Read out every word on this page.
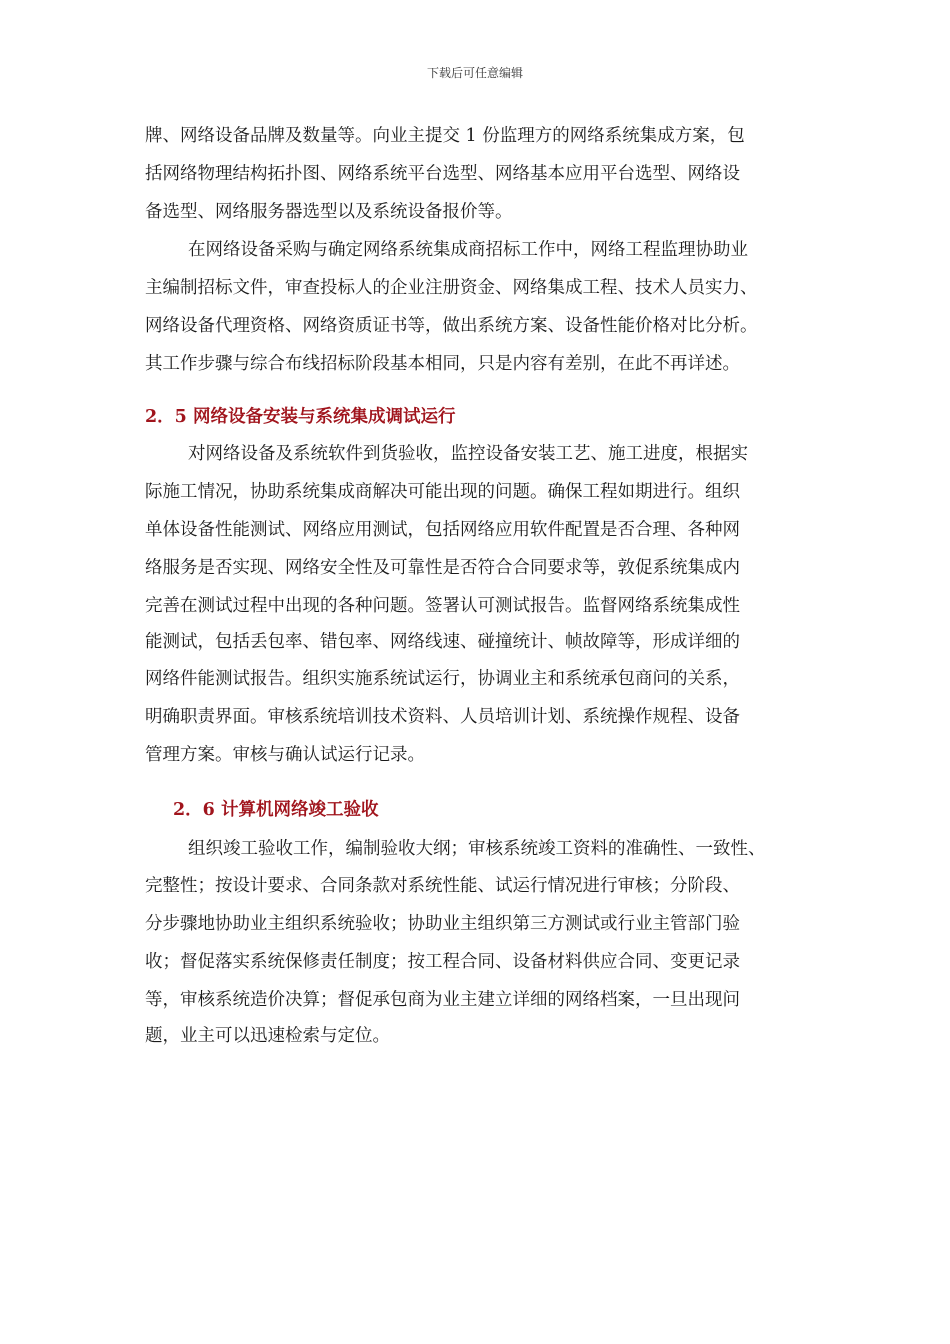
下载后可任意编辑
牌、网络设备品牌及数量等。向业主提交 1 份监理方的网络系统集成方案，包
括网络物理结构拓扑图、网络系统平台选型、网络基本应用平台选型、网络设
备选型、网络服务器选型以及系统设备报价等。
在网络设备采购与确定网络系统集成商招标工作中，网络工程监理协助业
主编制招标文件，审查投标人的企业注册资金、网络集成工程、技术人员实力、
网络设备代理资格、网络资质证书等，做出系统方案、设备性能价格对比分析。
其工作步骤与综合布线招标阶段基本相同，只是内容有差别，在此不再详述。
2．5 网络设备安装与系统集成调试运行
对网络设备及系统软件到货验收，监控设备安装工艺、施工进度，根据实
际施工情况，协助系统集成商解决可能出现的问题。确保工程如期进行。组织
单体设备性能测试、网络应用测试，包括网络应用软件配置是否合理、各种网
络服务是否实现、网络安全性及可靠性是否符合合同要求等，敦促系统集成内
完善在测试过程中出现的各种问题。签署认可测试报告。监督网络系统集成性
能测试，包括丢包率、错包率、网络线速、碰撞统计、帧故障等，形成详细的
网络件能测试报告。组织实施系统试运行，协调业主和系统承包商问的关系，
明确职责界面。审核系统培训技术资料、人员培训计划、系统操作规程、设备
管理方案。审核与确认试运行记录。
2．6 计算机网络竣工验收
组织竣工验收工作，编制验收大纲；审核系统竣工资料的准确性、一致性、
完整性；按设计要求、合同条款对系统性能、试运行情况进行审核；分阶段、
分步骤地协助业主组织系统验收；协助业主组织第三方测试或行业主管部门验
收；督促落实系统保修责任制度；按工程合同、设备材料供应合同、变更记录
等，审核系统造价决算；督促承包商为业主建立详细的网络档案，一旦出现问
题，业主可以迅速检索与定位。
